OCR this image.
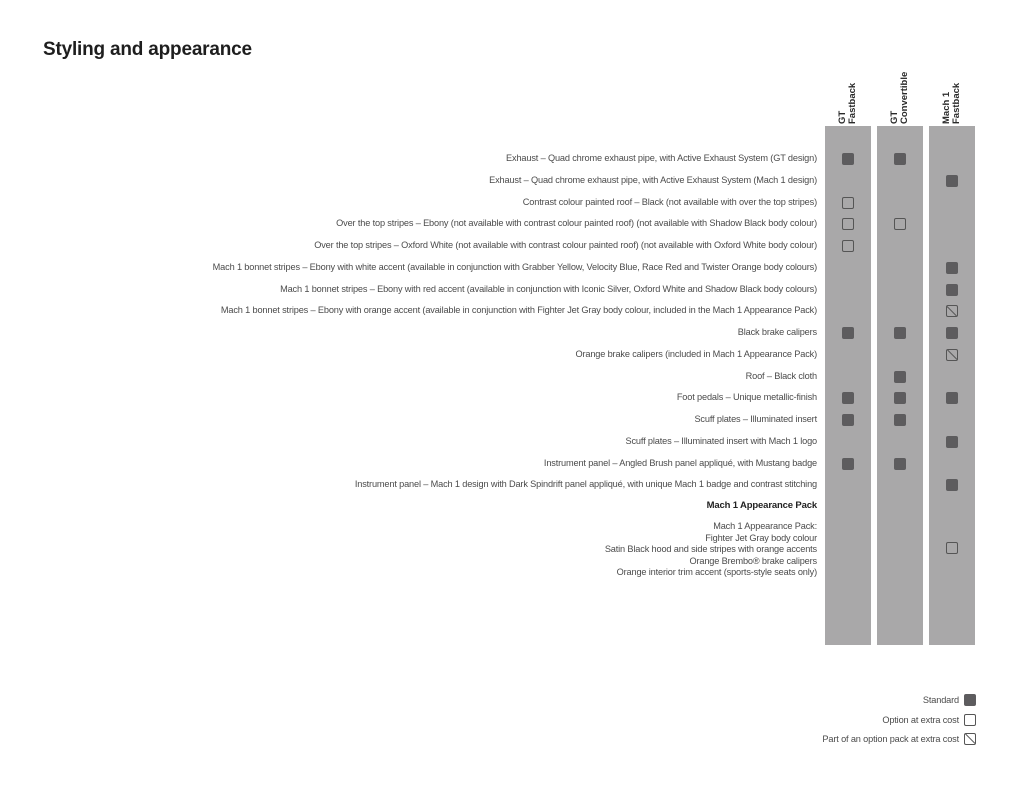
Styling and appearance
GT
Fastback	GT
Convertible	Mach 1
Fastback
Exhaust – Quad chrome exhaust pipe, with Active Exhaust System (GT design)
Exhaust – Quad chrome exhaust pipe, with Active Exhaust System (Mach 1 design)
Contrast colour painted roof – Black (not available with over the top stripes)
Over the top stripes – Ebony (not available with contrast colour painted roof) (not available with Shadow Black body colour)
Over the top stripes – Oxford White (not available with contrast colour painted roof) (not available with Oxford White body colour)
Mach 1 bonnet stripes – Ebony with white accent (available in conjunction with Grabber Yellow, Velocity Blue, Race Red and Twister Orange body colours)
Mach 1 bonnet stripes – Ebony with red accent (available in conjunction with Iconic Silver, Oxford White and Shadow Black body colours)
Mach 1 bonnet stripes – Ebony with orange accent (available in conjunction with Fighter Jet Gray body colour, included in the Mach 1 Appearance Pack)
Black brake calipers
Orange brake calipers (included in Mach 1 Appearance Pack)
Roof – Black cloth
Foot pedals – Unique metallic-finish
Scuff plates – Illuminated insert
Scuff plates – Illuminated insert with Mach 1 logo
Instrument panel – Angled Brush panel appliqué, with Mustang badge
Instrument panel – Mach 1 design with Dark Spindrift panel appliqué, with unique Mach 1 badge and contrast stitching
Mach 1 Appearance Pack
Mach 1 Appearance Pack:
Fighter Jet Gray body colour
Satin Black hood and side stripes with orange accents
Orange Brembo® brake calipers
Orange interior trim accent (sports-style seats only)
Standard
Option at extra cost
Part of an option pack at extra cost
